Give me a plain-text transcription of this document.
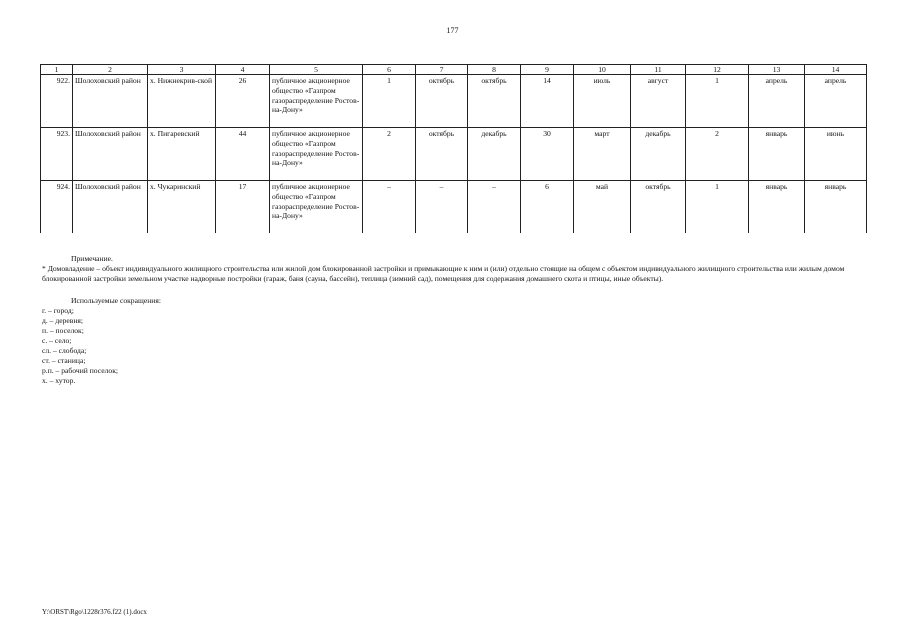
177
1	2	3	4	5	6	7	8	9	10	11	12	13	14
922.	Шолоховский район	х. Нижнекрив-ской	26	публичное акционерное общество «Газпром газораспределение Ростов-на-Дону»	1	октябрь	октябрь	14	июль	август	1	апрель	апрель
923.	Шолоховский район	х. Пигаревский	44	публичное акционерное общество «Газпром газораспределение Ростов-на-Дону»	2	октябрь	декабрь	30	март	декабрь	2	январь	июнь
924.	Шолоховский район	х. Чукаринский	17	публичное акционерное общество «Газпром газораспределение Ростов-на-Дону»	–	–	–	6	май	октябрь	1	январь	январь

Примечание.

* Домовладение – объект индивидуального жилищного строительства или жилой дом блокированной застройки и примыкающие к ним и (или) отдельно стоящие на общем с объектом индивидуального жилищного строительства или жилым домом блокированной застройки земельном участке надворные постройки (гараж, баня (сауна, бассейн), теплица (зимний сад), помещения для содержания домашнего скота и птицы, иные объекты).

Используемые сокращения:

г. – город;

д. – деревня;

п. – поселок;

с. – село;

сл. – слобода;

ст. – станица;

р.п. – рабочий поселок;

х. – хутор.

Y:\ORST\Rgo\1228r376.f22 (1).docx
